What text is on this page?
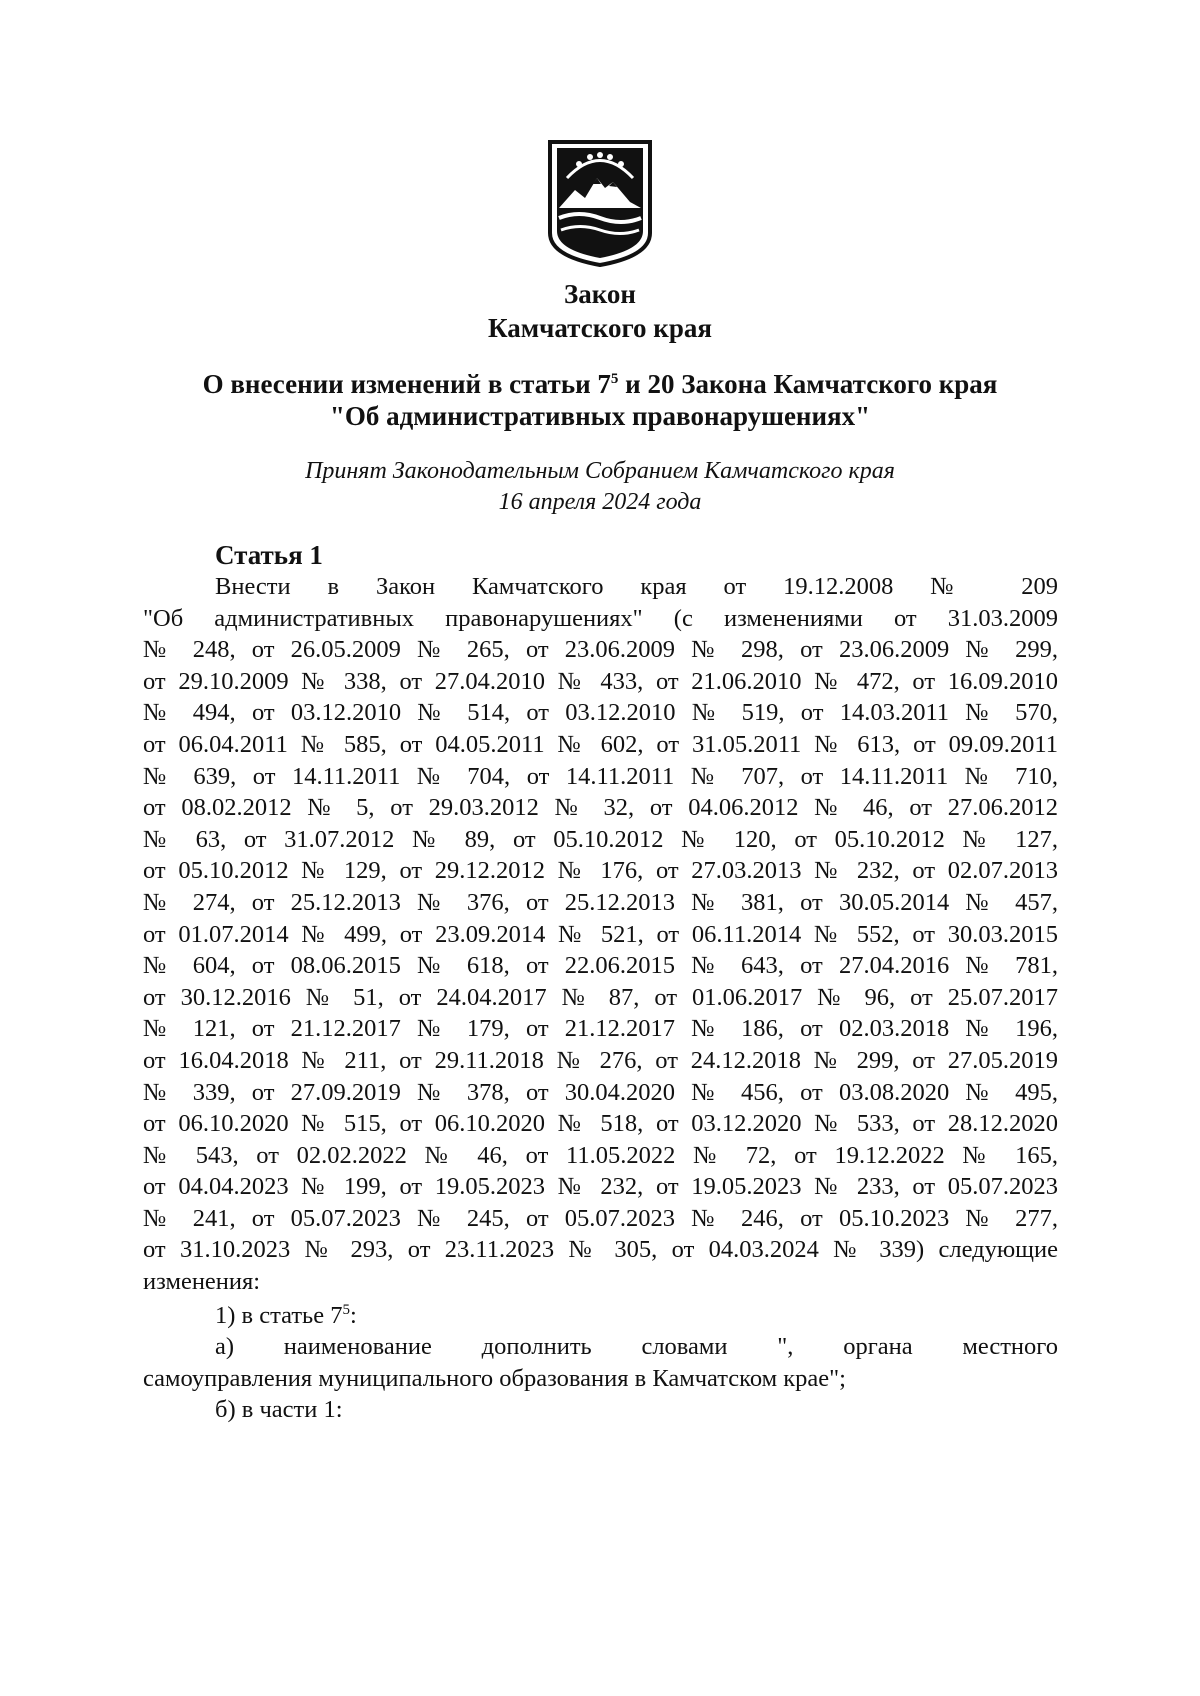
Закон
Камчатского края
О внесении изменений в статьи $7^5$ и 20 Закона Камчатского края
"Об административных правонарушениях"
Принят Законодательным Собранием Камчатского края
16 апреля 2024 года
Статья 1
Внести в Закон Камчатского края от 19.12.2008 № 209
"Об административных правонарушениях" (с изменениями от 31.03.2009
№ 248, от 26.05.2009 № 265, от 23.06.2009 № 298, от 23.06.2009 № 299,
от 29.10.2009 № 338, от 27.04.2010 № 433, от 21.06.2010 № 472, от 16.09.2010
№ 494, от 03.12.2010 № 514, от 03.12.2010 № 519, от 14.03.2011 № 570,
от 06.04.2011 № 585, от 04.05.2011 № 602, от 31.05.2011 № 613, от 09.09.2011
№ 639, от 14.11.2011 № 704, от 14.11.2011 № 707, от 14.11.2011 № 710,
от 08.02.2012 № 5, от 29.03.2012 № 32, от 04.06.2012 № 46, от 27.06.2012
№ 63, от 31.07.2012 № 89, от 05.10.2012 № 120, от 05.10.2012 № 127,
от 05.10.2012 № 129, от 29.12.2012 № 176, от 27.03.2013 № 232, от 02.07.2013
№ 274, от 25.12.2013 № 376, от 25.12.2013 № 381, от 30.05.2014 № 457,
от 01.07.2014 № 499, от 23.09.2014 № 521, от 06.11.2014 № 552, от 30.03.2015
№ 604, от 08.06.2015 № 618, от 22.06.2015 № 643, от 27.04.2016 № 781,
от 30.12.2016 № 51, от 24.04.2017 № 87, от 01.06.2017 № 96, от 25.07.2017
№ 121, от 21.12.2017 № 179, от 21.12.2017 № 186, от 02.03.2018 № 196,
от 16.04.2018 № 211, от 29.11.2018 № 276, от 24.12.2018 № 299, от 27.05.2019
№ 339, от 27.09.2019 № 378, от 30.04.2020 № 456, от 03.08.2020 № 495,
от 06.10.2020 № 515, от 06.10.2020 № 518, от 03.12.2020 № 533, от 28.12.2020
№ 543, от 02.02.2022 № 46, от 11.05.2022 № 72, от 19.12.2022 № 165,
от 04.04.2023 № 199, от 19.05.2023 № 232, от 19.05.2023 № 233, от 05.07.2023
№ 241, от 05.07.2023 № 245, от 05.07.2023 № 246, от 05.10.2023 № 277,
от 31.10.2023 № 293, от 23.11.2023 № 305, от 04.03.2024 № 339) следующие
изменения:
1) в статье $7^5$:
а) наименование дополнить словами ", органа местного
самоуправления муниципального образования в Камчатском крае";
б) в части 1:
